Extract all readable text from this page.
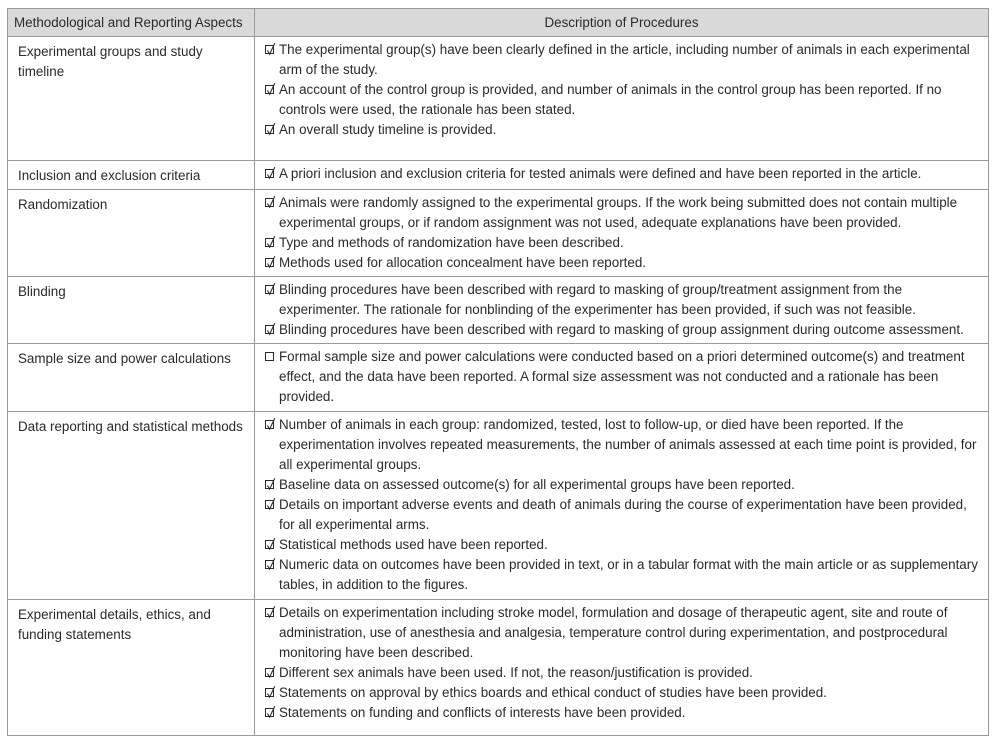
Methodological and Reporting Aspects	Description of Procedures
Experimental groups and study timeline	The experimental group(s) have been clearly defined in the article, including number of animals in each experimental arm of the study.
An account of the control group is provided, and number of animals in the control group has been reported. If no controls were used, the rationale has been stated.
An overall study timeline is provided.

Inclusion and exclusion criteria	A priori inclusion and exclusion criteria for tested animals were defined and have been reported in the article.

Randomization	Animals were randomly assigned to the experimental groups. If the work being submitted does not contain multiple experimental groups, or if random assignment was not used, adequate explanations have been provided.
Type and methods of randomization have been described.
Methods used for allocation concealment have been reported.

Blinding	Blinding procedures have been described with regard to masking of group/treatment assignment from the experimenter. The rationale for nonblinding of the experimenter has been provided, if such was not feasible.
Blinding procedures have been described with regard to masking of group assignment during outcome assessment.

Sample size and power calculations	Formal sample size and power calculations were conducted based on a priori determined outcome(s) and treatment effect, and the data have been reported. A formal size assessment was not conducted and a rationale has been provided.

Data reporting and statistical methods	Number of animals in each group: randomized, tested, lost to follow-up, or died have been reported. If the experimentation involves repeated measurements, the number of animals assessed at each time point is provided, for all experimental groups.
Baseline data on assessed outcome(s) for all experimental groups have been reported.
Details on important adverse events and death of animals during the course of experimentation have been provided, for all experimental arms.
Statistical methods used have been reported.
Numeric data on outcomes have been provided in text, or in a tabular format with the main article or as supplementary tables, in addition to the figures.

Experimental details, ethics, and funding statements	Details on experimentation including stroke model, formulation and dosage of therapeutic agent, site and route of administration, use of anesthesia and analgesia, temperature control during experimentation, and postprocedural monitoring have been described.
Different sex animals have been used. If not, the reason/justification is provided.
Statements on approval by ethics boards and ethical conduct of studies have been provided.
Statements on funding and conflicts of interests have been provided.
